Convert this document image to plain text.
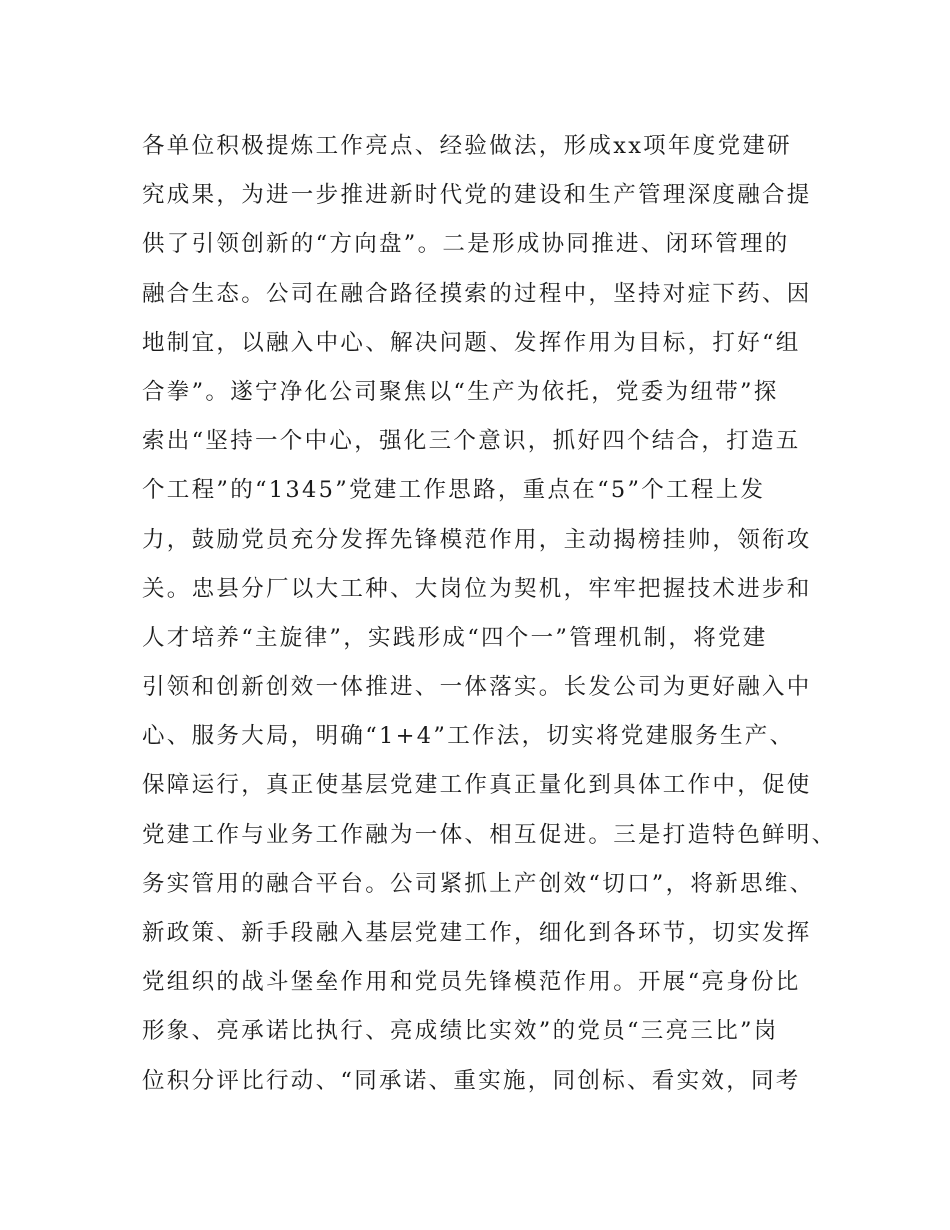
各单位积极提炼工作亮点、经验做法，形成xx项年度党建研
究成果，为进一步推进新时代党的建设和生产管理深度融合提
供了引领创新的“方向盘”。二是形成协同推进、闭环管理的
融合生态。公司在融合路径摸索的过程中，坚持对症下药、因
地制宜，以融入中心、解决问题、发挥作用为目标，打好“组
合拳”。遂宁净化公司聚焦以“生产为依托，党委为纽带”探
索出“坚持一个中心，强化三个意识，抓好四个结合，打造五
个工程”的“1345”党建工作思路，重点在“5”个工程上发
力，鼓励党员充分发挥先锋模范作用，主动揭榜挂帅，领衔攻
关。忠县分厂以大工种、大岗位为契机，牢牢把握技术进步和
人才培养“主旋律”，实践形成“四个一”管理机制，将党建
引领和创新创效一体推进、一体落实。长发公司为更好融入中
心、服务大局，明确“1+4”工作法，切实将党建服务生产、
保障运行，真正使基层党建工作真正量化到具体工作中，促使
党建工作与业务工作融为一体、相互促进。三是打造特色鲜明、
务实管用的融合平台。公司紧抓上产创效“切口”，将新思维、
新政策、新手段融入基层党建工作，细化到各环节，切实发挥
党组织的战斗堡垒作用和党员先锋模范作用。开展“亮身份比
形象、亮承诺比执行、亮成绩比实效”的党员“三亮三比”岗
位积分评比行动、“同承诺、重实施，同创标、看实效，同考
